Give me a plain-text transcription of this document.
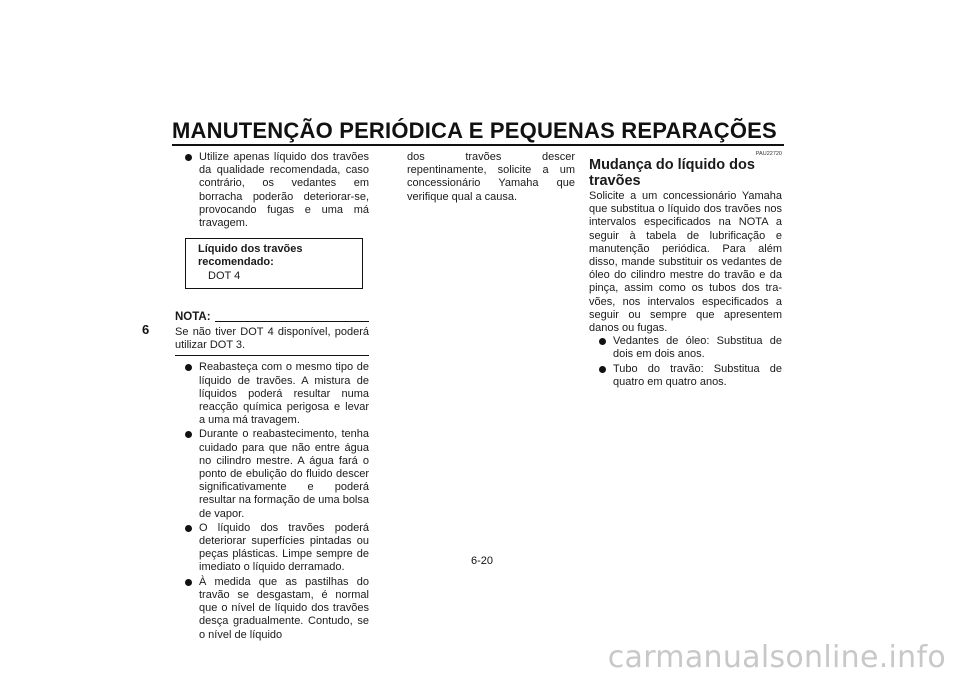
MANUTENÇÃO PERIÓDICA E PEQUENAS REPARAÇÕES
6
Utilize apenas líquido dos travões da qualidade recomendada, caso contrário, os vedantes em borracha poderão deteriorar-se, provocando fugas e uma má travagem.
Líquido dos travões recomendado:
DOT 4
NOTA:
Se não tiver DOT 4 disponível, poderá utilizar DOT 3.
Reabasteça com o mesmo tipo de líquido de travões. A mistura de líquidos poderá resultar numa reacção química perigosa e levar a uma má travagem.
Durante o reabastecimento, tenha cuidado para que não entre água no cilindro mestre. A água fará o ponto de ebulição do fluido descer significativamente e poderá resultar na formação de uma bolsa de vapor.
O líquido dos travões poderá deteriorar superfícies pintadas ou peças plásticas. Limpe sempre de imediato o líquido derramado.
À medida que as pastilhas do travão se desgastam, é normal que o nível de líquido dos travões desça gradualmente. Contudo, se o nível de líquido
dos travões descer repentinamente, solicite a um concessionário Yamaha que verifique qual a causa.
PAU22720
Mudança do líquido dos travões
Solicite a um concessionário Yamaha que substitua o líquido dos travões nos intervalos especificados na NOTA a seguir à tabela de lubrificação e manutenção periódica. Para além disso, mande substituir os vedantes de óleo do cilindro mestre do travão e da pinça, assim como os tubos dos travões, nos intervalos especificados a seguir ou sempre que apresentem danos ou fugas.
Vedantes de óleo: Substitua de dois em dois anos.
Tubo do travão: Substitua de quatro em quatro anos.
6-20
carmanualsonline.info
